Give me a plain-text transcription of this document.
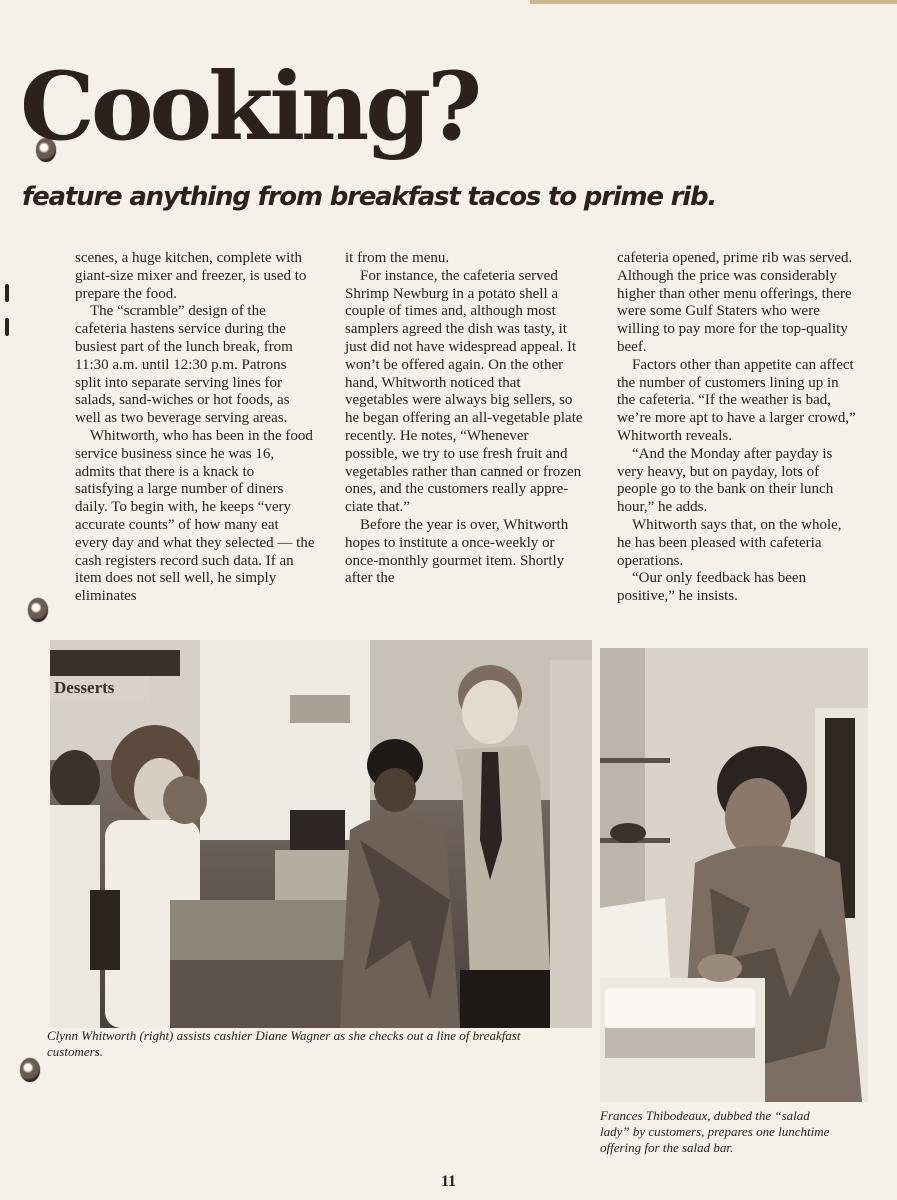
Cooking?
feature anything from breakfast tacos to prime rib.

scenes, a huge kitchen, complete with giant-size mixer and freezer, is used to prepare the food.

The “scramble” design of the cafeteria hastens service during the busiest part of the lunch break, from 11:30 a.m. until 12:30 p.m. Patrons split into separate serving lines for salads, sand-wiches or hot foods, as well as two beverage serving areas.

Whitworth, who has been in the food service business since he was 16, admits that there is a knack to satisfying a large number of diners daily. To begin with, he keeps “very accurate counts” of how many eat every day and what they selected — the cash registers record such data. If an item does not sell well, he simply eliminates

it from the menu.

For instance, the cafeteria served Shrimp Newburg in a potato shell a couple of times and, although most samplers agreed the dish was tasty, it just did not have widespread appeal. It won’t be offered again. On the other hand, Whitworth noticed that vegetables were always big sellers, so he began offering an all-vegetable plate recently. He notes, “Whenever possible, we try to use fresh fruit and vegetables rather than canned or frozen ones, and the customers really appre-ciate that.”

Before the year is over, Whitworth hopes to institute a once-weekly or once-monthly gourmet item. Shortly after the

cafeteria opened, prime rib was served. Although the price was considerably higher than other menu offerings, there were some Gulf Staters who were willing to pay more for the top-quality beef.

Factors other than appetite can affect the number of customers lining up in the cafeteria. “If the weather is bad, we’re more apt to have a larger crowd,” Whitworth reveals.

“And the Monday after payday is very heavy, but on payday, lots of people go to the bank on their lunch hour,” he adds.

Whitworth says that, on the whole, he has been pleased with cafeteria operations.

“Our only feedback has been positive,” he insists.

Desserts
Clynn Whitworth (right) assists cashier Diane Wagner as she checks out a line of breakfast customers.
Frances Thibodeaux, dubbed the “salad lady” by customers, prepares one lunchtime offering for the salad bar.
11
